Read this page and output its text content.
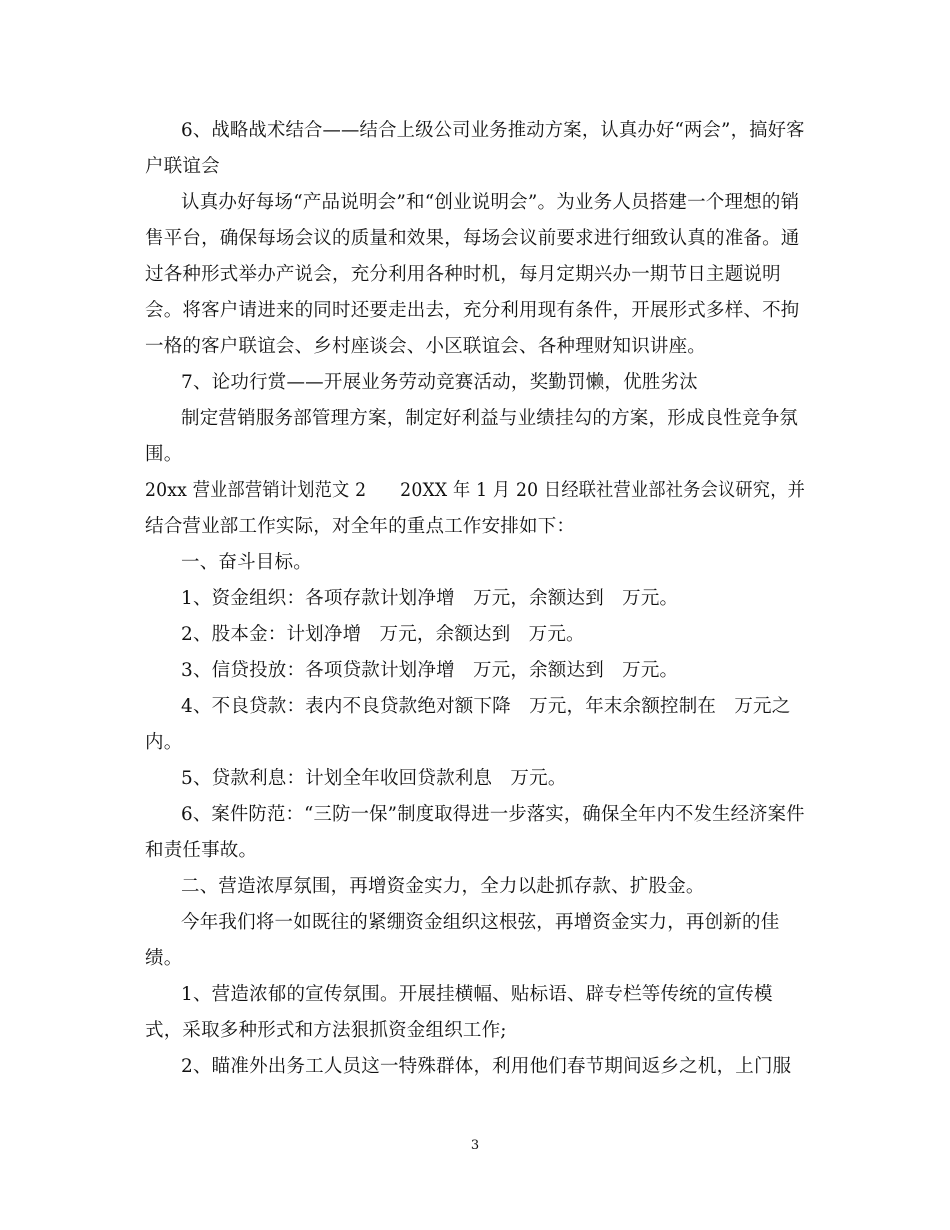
6、战略战术结合——结合上级公司业务推动方案，认真办好“两会”，搞好客
户联谊会
认真办好每场“产品说明会”和“创业说明会”。为业务人员搭建一个理想的销
售平台，确保每场会议的质量和效果，每场会议前要求进行细致认真的准备。通
过各种形式举办产说会，充分利用各种时机，每月定期兴办一期节日主题说明
会。将客户请进来的同时还要走出去，充分利用现有条件，开展形式多样、不拘
一格的客户联谊会、乡村座谈会、小区联谊会、各种理财知识讲座。
7、论功行赏——开展业务劳动竞赛活动，奖勤罚懒，优胜劣汰
制定营销服务部管理方案，制定好利益与业绩挂勾的方案，形成良性竞争氛
围。
20xx 营业部营销计划范文 2      20XX 年 1 月 20 日经联社营业部社务会议研究，并
结合营业部工作实际，对全年的重点工作安排如下：
一、奋斗目标。
1、资金组织：各项存款计划净增   万元，余额达到   万元。
2、股本金：计划净增   万元，余额达到   万元。
3、信贷投放：各项贷款计划净增   万元，余额达到   万元。
4、不良贷款：表内不良贷款绝对额下降   万元，年末余额控制在   万元之
内。
5、贷款利息：计划全年收回贷款利息   万元。
6、案件防范：“三防一保”制度取得进一步落实，确保全年内不发生经济案件
和责任事故。
二、营造浓厚氛围，再增资金实力，全力以赴抓存款、扩股金。
今年我们将一如既往的紧绷资金组织这根弦，再增资金实力，再创新的佳
绩。
1、营造浓郁的宣传氛围。开展挂横幅、贴标语、辟专栏等传统的宣传模
式，采取多种形式和方法狠抓资金组织工作;
2、瞄准外出务工人员这一特殊群体，利用他们春节期间返乡之机，上门服
3
